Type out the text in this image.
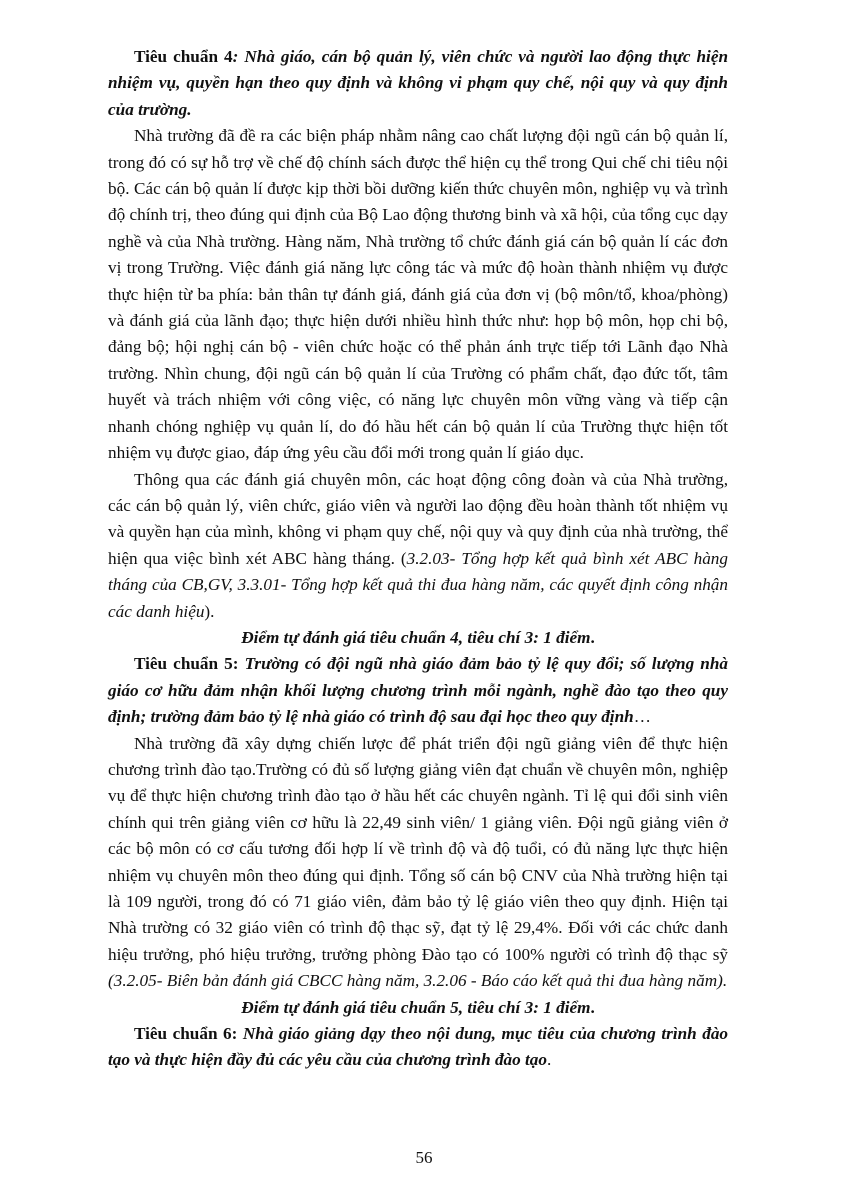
Tiêu chuẩn 4: Nhà giáo, cán bộ quản lý, viên chức và người lao động thực hiện nhiệm vụ, quyền hạn theo quy định và không vi phạm quy chế, nội quy và quy định của trường.

Nhà trường đã đề ra các biện pháp nhằm nâng cao chất lượng đội ngũ cán bộ quản lí, trong đó có sự hỗ trợ về chế độ chính sách được thể hiện cụ thể trong Qui chế chi tiêu nội bộ. Các cán bộ quản lí được kịp thời bồi dưỡng kiến thức chuyên môn, nghiệp vụ và trình độ chính trị, theo đúng qui định của Bộ Lao động thương binh và xã hội, của tổng cục dạy nghề và của Nhà trường. Hàng năm, Nhà trường tổ chức đánh giá cán bộ quản lí các đơn vị trong Trường. Việc đánh giá năng lực công tác và mức độ hoàn thành nhiệm vụ được thực hiện từ ba phía: bản thân tự đánh giá, đánh giá của đơn vị (bộ môn/tổ, khoa/phòng) và đánh giá của lãnh đạo; thực hiện dưới nhiều hình thức như: họp bộ môn, họp chi bộ, đảng bộ; hội nghị cán bộ - viên chức hoặc có thể phản ánh trực tiếp tới Lãnh đạo Nhà trường. Nhìn chung, đội ngũ cán bộ quản lí của Trường có phẩm chất, đạo đức tốt, tâm huyết và trách nhiệm với công việc, có năng lực chuyên môn vững vàng và tiếp cận nhanh chóng nghiệp vụ quản lí, do đó hầu hết cán bộ quản lí của Trường thực hiện tốt nhiệm vụ được giao, đáp ứng yêu cầu đổi mới trong quản lí giáo dục.

Thông qua các đánh giá chuyên môn, các hoạt động công đoàn và của Nhà trường, các cán bộ quản lý, viên chức, giáo viên và người lao động đều hoàn thành tốt nhiệm vụ và quyền hạn của mình, không vi phạm quy chế, nội quy và quy định của nhà trường, thể hiện qua việc bình xét ABC hàng tháng. (3.2.03- Tổng hợp kết quả bình xét ABC hàng tháng của CB,GV, 3.3.01- Tổng hợp kết quả thi đua hàng năm, các quyết định công nhận các danh hiệu).

Điểm tự đánh giá tiêu chuẩn 4, tiêu chí 3: 1 điểm.

Tiêu chuẩn 5: Trường có đội ngũ nhà giáo đảm bảo tỷ lệ quy đổi; số lượng nhà giáo cơ hữu đảm nhận khối lượng chương trình mỗi ngành, nghề đào tạo theo quy định; trường đảm bảo tỷ lệ nhà giáo có trình độ sau đại học theo quy định…

Nhà trường đã xây dựng chiến lược để phát triển đội ngũ giảng viên để thực hiện chương trình đào tạo.Trường có đủ số lượng giảng viên đạt chuẩn về chuyên môn, nghiệp vụ để thực hiện chương trình đào tạo ở hầu hết các chuyên ngành. Tỉ lệ qui đổi sinh viên chính qui trên giảng viên cơ hữu là 22,49 sinh viên/ 1 giảng viên. Đội ngũ giảng viên ở các bộ môn có cơ cấu tương đối hợp lí về trình độ và độ tuổi, có đủ năng lực thực hiện nhiệm vụ chuyên môn theo đúng qui định. Tổng số cán bộ CNV của Nhà trường hiện tại là 109 người, trong đó có 71 giáo viên, đảm bảo tỷ lệ giáo viên theo quy định. Hiện tại Nhà trường có 32 giáo viên có trình độ thạc sỹ, đạt tỷ lệ 29,4%. Đối với các chức danh hiệu trưởng, phó hiệu trưởng, trưởng phòng Đào tạo có 100% người có trình độ thạc sỹ (3.2.05- Biên bản đánh giá CBCC hàng năm, 3.2.06 - Báo cáo kết quả thi đua hàng năm).

Điểm tự đánh giá tiêu chuẩn 5, tiêu chí 3: 1 điểm.

Tiêu chuẩn 6: Nhà giáo giảng dạy theo nội dung, mục tiêu của chương trình đào tạo và thực hiện đầy đủ các yêu cầu của chương trình đào tạo.

56
